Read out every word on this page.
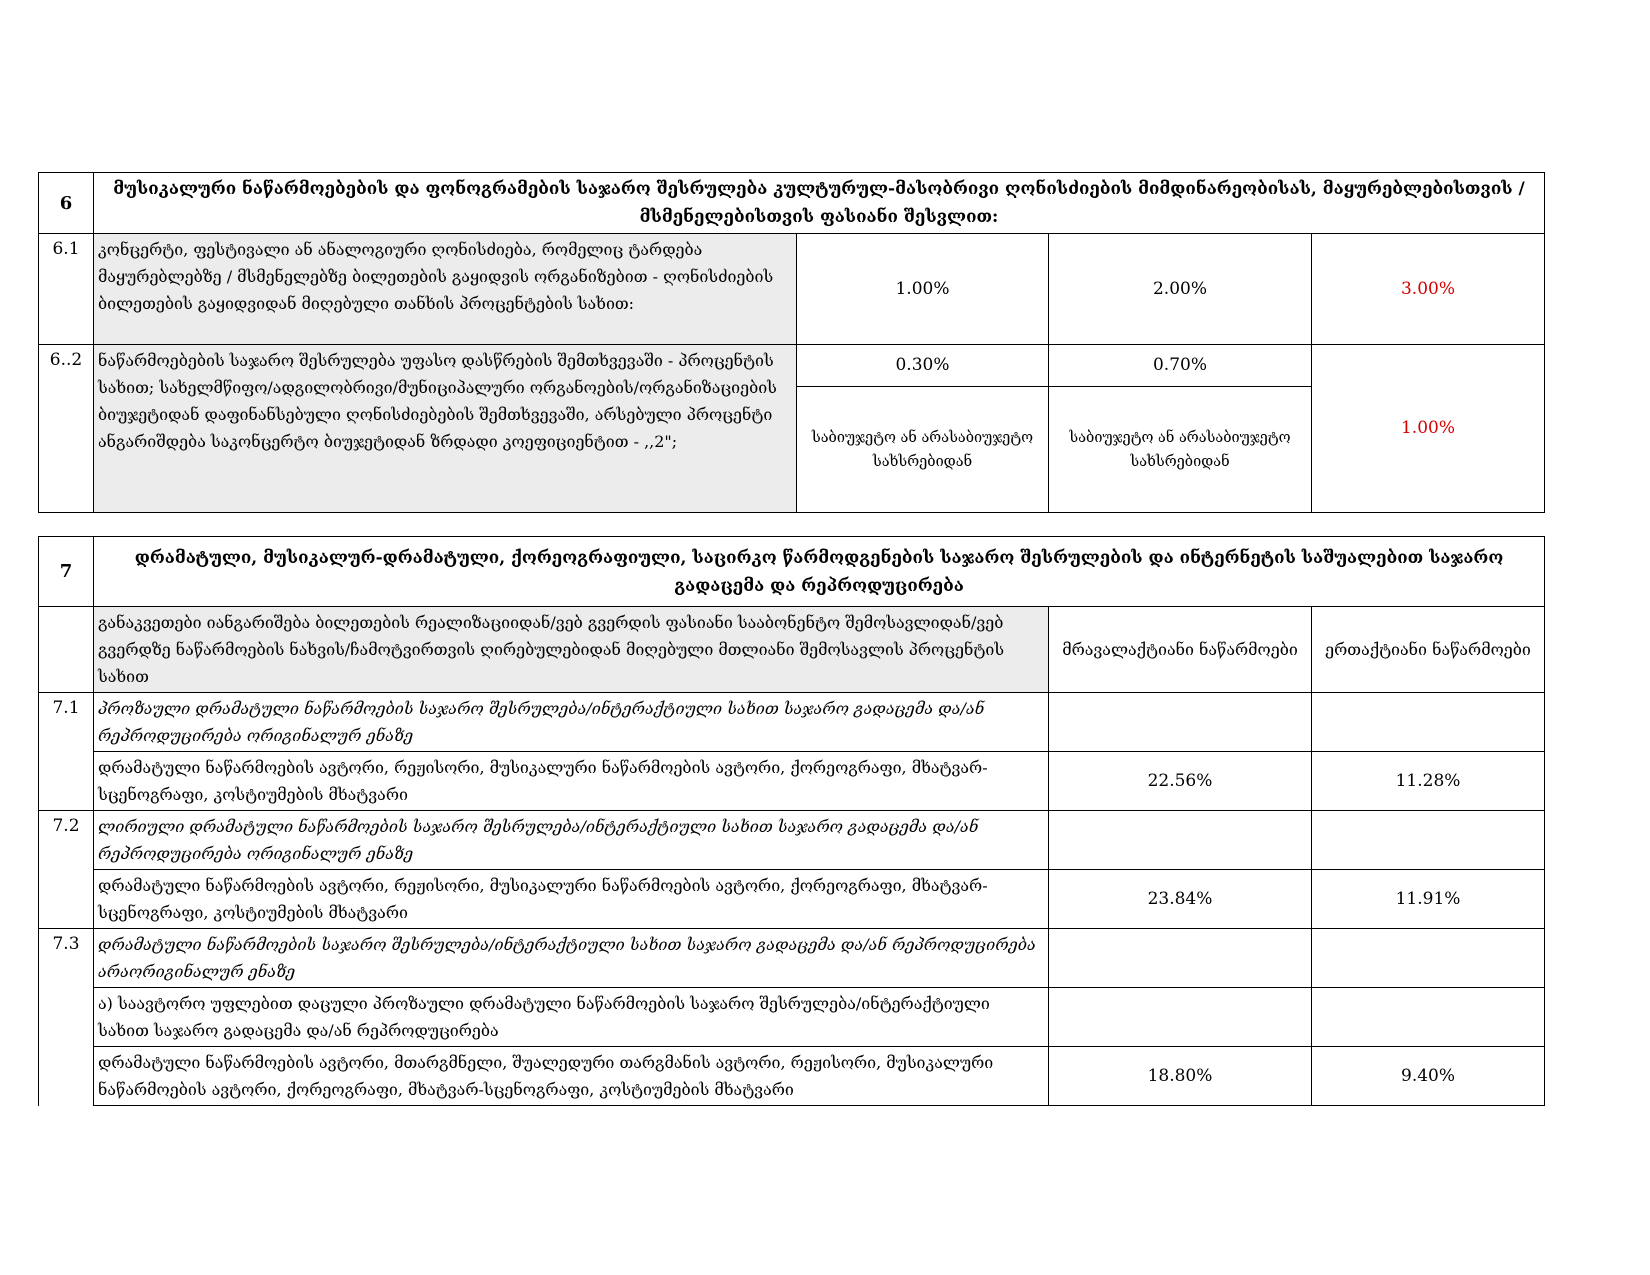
6	მუსიკალური ნაწარმოებების და ფონოგრამების საჯარო შესრულება კულტურულ-მასობრივი ღონისძიების მიმდინარეობისას, მაყურებლებისთვის / მსმენელებისთვის ფასიანი შესვლით:			
6.1	კონცერტი, ფესტივალი ან ანალოგიური ღონისძიება, რომელიც ტარდება მაყურებლებზე / მსმენელებზე ბილეთების გაყიდვის ორგანიზებით - ღონისძიების ბილეთების გაყიდვიდან მიღებული თანხის პროცენტების სახით:	1.00%	2.00%	3.00%
6..2	ნაწარმოებების საჯარო შესრულება უფასო დასწრების შემთხვევაში - პროცენტის სახით; სახელმწიფო/ადგილობრივი/მუნიციპალური ორგანოების/ორგანიზაციების ბიუჯეტიდან დაფინანსებული ღონისძიებების შემთხვევაში, არსებული პროცენტი ანგარიშდება საკონცერტო ბიუჯეტიდან ზრდადი კოეფიციენტით - ,,2";	0.30%	0.70%	1.00%
		საბიუჯეტო ან არასაბიუჯეტო სახსრებიდან	საბიუჯეტო ან არასაბიუჯეტო სახსრებიდან	
7	დრამატული, მუსიკალურ-დრამატული, ქორეოგრაფიული, საცირკო წარმოდგენების საჯარო შესრულების და ინტერნეტის საშუალებით საჯარო გადაცემა და რეპროდუცირება		
	განაკვეთები იანგარიშება ბილეთების რეალიზაციიდან/ვებ გვერდის ფასიანი სააბონენტო შემოსავლიდან/ვებ გვერდზე ნაწარმოების ნახვის/ჩამოტვირთვის ღირებულებიდან მიღებული მთლიანი შემოსავლის პროცენტის სახით	მრავალაქტიანი ნაწარმოები	ერთაქტიანი ნაწარმოები
7.1	პროზაული დრამატული ნაწარმოების საჯარო შესრულება/ინტერაქტიული სახით საჯარო გადაცემა და/ან რეპროდუცირება ორიგინალურ ენაზე		
	დრამატული ნაწარმოების ავტორი, რეჟისორი, მუსიკალური ნაწარმოების ავტორი, ქორეოგრაფი, მხატვარ-სცენოგრაფი, კოსტიუმების მხატვარი	22.56%	11.28%
7.2	ლირიული დრამატული ნაწარმოების საჯარო შესრულება/ინტერაქტიული სახით საჯარო გადაცემა და/ან რეპროდუცირება ორიგინალურ ენაზე		
	დრამატული ნაწარმოების ავტორი, რეჟისორი, მუსიკალური ნაწარმოების ავტორი, ქორეოგრაფი, მხატვარ-სცენოგრაფი, კოსტიუმების მხატვარი	23.84%	11.91%
7.3	დრამატული ნაწარმოების საჯარო შესრულება/ინტერაქტიული სახით საჯარო გადაცემა და/ან რეპროდუცირება არაორიგინალურ ენაზე		
	ა) საავტორო უფლებით დაცული პროზაული დრამატული ნაწარმოების საჯარო შესრულება/ინტერაქტიული სახით საჯარო გადაცემა და/ან რეპროდუცირება		
	დრამატული ნაწარმოების ავტორი, მთარგმნელი, შუალედური თარგმანის ავტორი, რეჟისორი, მუსიკალური ნაწარმოების ავტორი, ქორეოგრაფი, მხატვარ-სცენოგრაფი, კოსტიუმების მხატვარი	18.80%	9.40%
